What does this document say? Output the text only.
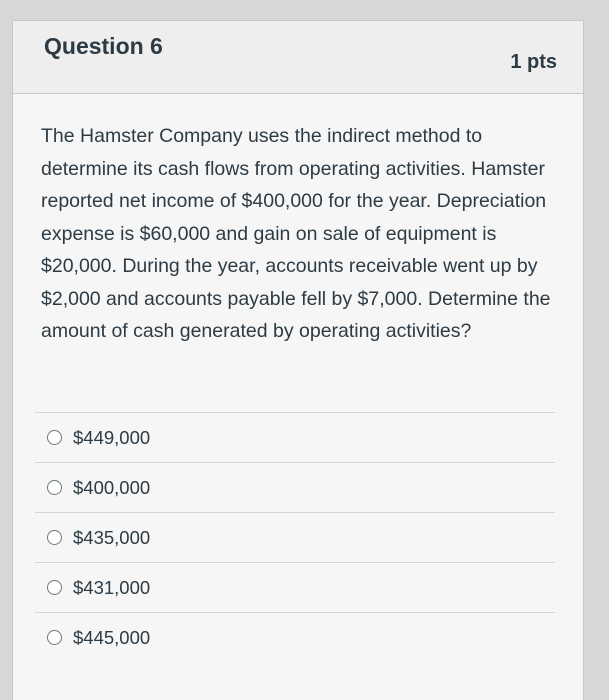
Question 6
1 pts
The Hamster Company uses the indirect method to determine its cash flows from operating activities. Hamster reported net income of $400,000 for the year. Depreciation expense is $60,000 and gain on sale of equipment is $20,000. During the year, accounts receivable went up by $2,000 and accounts payable fell by $7,000. Determine the amount of cash generated by operating activities?
$449,000
$400,000
$435,000
$431,000
$445,000
